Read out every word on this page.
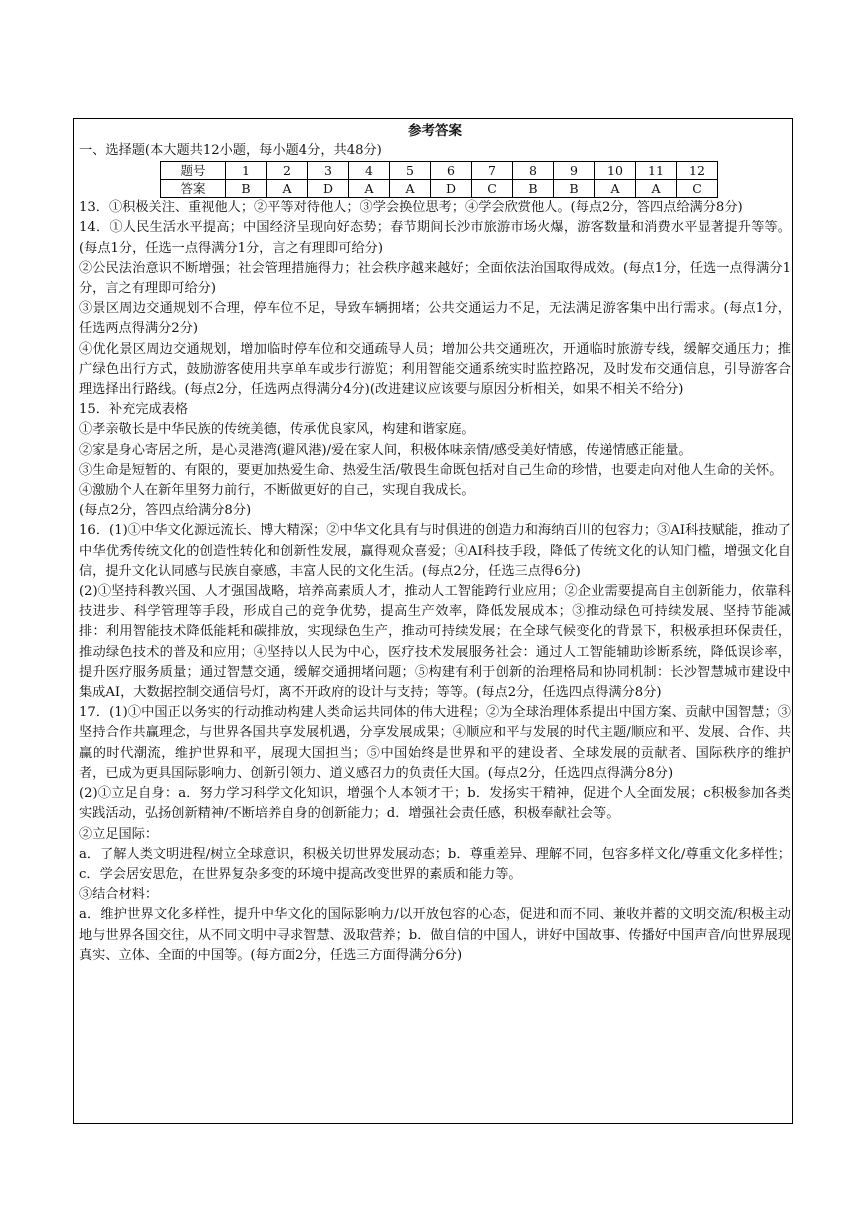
参考答案

一、选择题(本大题共12小题，每小题4分，共48分)

题号	1	2	3	4	5	6	7	8	9	10	11	12
答案	B	A	D	A	A	D	C	B	B	A	A	C

13．①积极关注、重视他人；②平等对待他人；③学会换位思考；④学会欣赏他人。(每点2分，答四点给满分8分)

14．①人民生活水平提高；中国经济呈现向好态势；春节期间长沙市旅游市场火爆，游客数量和消费水平显著提升等等。(每点1分，任选一点得满分1分，言之有理即可给分)

②公民法治意识不断增强；社会管理措施得力；社会秩序越来越好；全面依法治国取得成效。(每点1分，任选一点得满分1分，言之有理即可给分)

③景区周边交通规划不合理，停车位不足，导致车辆拥堵；公共交通运力不足，无法满足游客集中出行需求。(每点1分，任选两点得满分2分)

④优化景区周边交通规划，增加临时停车位和交通疏导人员；增加公共交通班次，开通临时旅游专线，缓解交通压力；推广绿色出行方式，鼓励游客使用共享单车或步行游览；利用智能交通系统实时监控路况，及时发布交通信息，引导游客合理选择出行路线。(每点2分，任选两点得满分4分)(改进建议应该要与原因分析相关，如果不相关不给分)

15．补充完成表格

①孝亲敬长是中华民族的传统美德，传承优良家风，构建和谐家庭。

②家是身心寄居之所，是心灵港湾(避风港)/爱在家人间，积极体味亲情/感受美好情感，传递情感正能量。

③生命是短暂的、有限的，要更加热爱生命、热爱生活/敬畏生命既包括对自己生命的珍惜，也要走向对他人生命的关怀。

④激励个人在新年里努力前行，不断做更好的自己，实现自我成长。

(每点2分，答四点给满分8分)

16．(1)①中华文化源远流长、博大精深；②中华文化具有与时俱进的创造力和海纳百川的包容力；③AI科技赋能，推动了中华优秀传统文化的创造性转化和创新性发展，赢得观众喜爱；④AI科技手段，降低了传统文化的认知门槛，增强文化自信，提升文化认同感与民族自豪感，丰富人民的文化生活。(每点2分，任选三点得6分)

(2)①坚持科教兴国、人才强国战略，培养高素质人才，推动人工智能跨行业应用；②企业需要提高自主创新能力，依靠科技进步、科学管理等手段，形成自己的竞争优势，提高生产效率，降低发展成本；③推动绿色可持续发展、坚持节能减排：利用智能技术降低能耗和碳排放，实现绿色生产，推动可持续发展；在全球气候变化的背景下，积极承担环保责任，推动绿色技术的普及和应用；④坚持以人民为中心，医疗技术发展服务社会：通过人工智能辅助诊断系统，降低误诊率，提升医疗服务质量；通过智慧交通，缓解交通拥堵问题；⑤构建有利于创新的治理格局和协同机制：长沙智慧城市建设中集成AI，大数据控制交通信号灯，离不开政府的设计与支持；等等。(每点2分，任选四点得满分8分)

17．(1)①中国正以务实的行动推动构建人类命运共同体的伟大进程；②为全球治理体系提出中国方案、贡献中国智慧；③坚持合作共赢理念，与世界各国共享发展机遇，分享发展成果；④顺应和平与发展的时代主题/顺应和平、发展、合作、共赢的时代潮流，维护世界和平，展现大国担当；⑤中国始终是世界和平的建设者、全球发展的贡献者、国际秩序的维护者，已成为更具国际影响力、创新引领力、道义感召力的负责任大国。(每点2分，任选四点得满分8分)

(2)①立足自身：a．努力学习科学文化知识，增强个人本领才干；b．发扬实干精神，促进个人全面发展；c积极参加各类实践活动，弘扬创新精神/不断培养自身的创新能力；d．增强社会责任感，积极奉献社会等。

②立足国际：

a．了解人类文明进程/树立全球意识，积极关切世界发展动态；b．尊重差异、理解不同，包容多样文化/尊重文化多样性；c．学会居安思危，在世界复杂多变的环境中提高改变世界的素质和能力等。

③结合材料：

a．维护世界文化多样性，提升中华文化的国际影响力/以开放包容的心态，促进和而不同、兼收并蓄的文明交流/积极主动地与世界各国交往，从不同文明中寻求智慧、汲取营养；b．做自信的中国人，讲好中国故事、传播好中国声音/向世界展现真实、立体、全面的中国等。(每方面2分，任选三方面得满分6分)
